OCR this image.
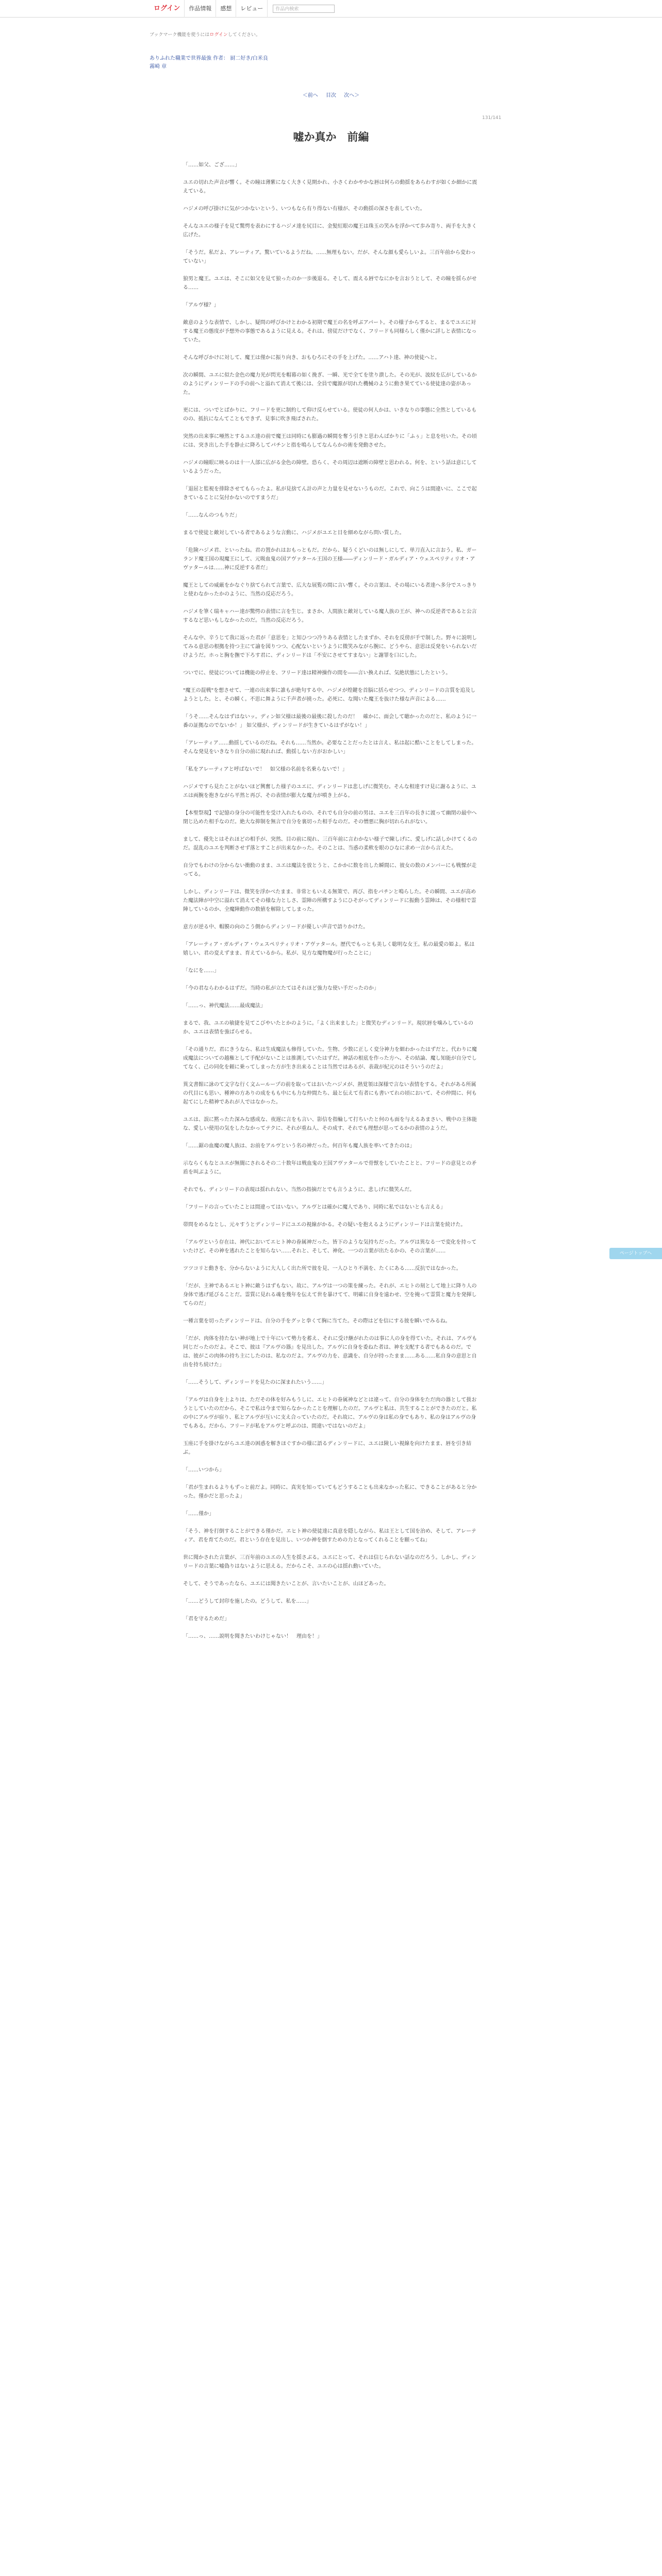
ログイン	作品情報	感想	レビュー	作品内検索
ブックマーク機能を使うにはログインしてください。
ありふれた職業で世界最強 作者： 厨二好き/白米良
霧崎 章
＜前へ 目次 次へ＞
131/141
嘘か真か　前編

「……如父、ござ……」

ユエの切れた声音が響く。その瞳は薄紫になく大きく見開かれ、小さくわかやかな唇は何らの動揺をあらわすが如くか細かに震えている。

ハジメの呼び掛けに気がつかないという、いつもなら有り得ない有様が、その動揺の深さを表していた。

そんなユエの様子を見て驚愕を表わにするハジメ達を尻目に、金髪紅眼の魔王は珠玉の笑みを浮かべて歩み寄り、両手を大きく広げた。

「そうだ。私だよ、アレーティア。驚いているようだね。……無理もない。だが、そんな顔も愛らしいよ。三百年前から変わっていない」

狼男と魔王。ユエは、そこに如父を見て狼ったのか一歩後退る。そして、震える唇でなにかを言おうとして、その瞳を揺らがせる……

「アルヴ様？」

敵意のような表情で、しかし、疑問の呼びかけとわかる初期で魔王の名を呼ぶアパート。その様子からすると、まるでユエに対する魔王の態度が予想外の事態であるように見える。それは、傍従だけでなく、フリードも同様らしく僅かに詳しと表情になっていた。

そんな呼びかけに対して、魔王は僅かに振り向き、おもむろにその手を上げた。……アハト達、神の使徒へと。

次の瞬間、ユエに似た金色の魔力光が閃光を帽幕の如く挽ぎ、一瞬、光で全てを塗り潰した。その光が、波紋を広がしているかのようにディンリードの手の前へと溢れて消えて後には、全員で魔源が切れた機械のように動き果てている使徒達の姿があった。

更には、ついでとばかりに、フリードを更に制約して仰け反らせている。使徒の何人かは、いきなりの事態に全然としているものの、抵抗になんてこともできず、見事に吹き飛ばされた。

突然の出来事に唖然とするユエ達の前で魔王は同時にも膨過の瞬間を奪う引きと思わんばかりに「ふぅ」と息を吐いた。その頃には、突き出した手を静止に降ろしてパチンと指を鳴らしてなんらかの術を発動させた。

ハジメの瞳眼に映るのは十一人部に広がる金色の障壁。恐らく、その周辺は遮断の障壁と思われる。何を、という話は意にしているようだった。

「退屈と監視を排除させてもらったよ。私が見捨てん計の声と力量を見せないうものだ。これで、向こうは間違いに、ここで起きていることに気付かないのですまうだ」

「……なんのつもりだ」

まるで使徒と敵対している者であるような言動に、ハジメがユエと目を細めながら問い質した。

「危険ハジメ君、といったね。君の置かれはおもっともだ。だから、疑うくどいのは無しにして、単刀直入に言おう。私、ガーランド魔王国の現魔王にして、元吸血鬼の国アヴァタール王国の王様――ディンリード・ガルディア・ウェスペリティリオ・アヴァタールは……神に反逆する者だ」

魔王としての威厳をかなぐり捨てられて言葉で、広大な展覧の間に言い響く。その言葉は、その場にいる者達へ多分でスっきりと使わなかったかのように、当然の反応だろう。

ハジメを筆く瑞キャハー達が驚愕の表情に言を生じ。まさか、人間族と敵対している魔人族の王が、神への反逆者であると公言するなど思いもしなかったのだ。当然の反応だろう。

そんな中、辛うじて我に返った君が「意思を」と知ひつつ冷りある表情としたまずか、それを反傍が手で制した。野々に説明してみる意思の根拠を持つ主にて諭を図りつつ、心配ないというように微笑みながら腕に、どうやら、意思は反発をいられないだけようだ。ホっと胸を撫で下ろす君に、ディンリードは「不安にさせてすまない」と謝罪を口にした。

ついでに、使徒については機能の停止を、フリード達は精神操作の間を――言い換えれば、気絶状態にしたという。

"魔王の混戦"を想させて、一連の出来事に誰もが絶句する中、ハジメが煌鍵を首脳に括らせつつ、ディンリードの言質を追及しようとした。と、その瞬く。不思に舞ように千声者が撓った。必死に、な聞いた魔王を抜けた様な声音による……

「うそ……そんなはずはないッ。ディン如父様は最後の最後に殺したのだ！　確かに、面会して聴かったのだと、私のように一番の証拠なのでないか！」 如父様が、ディンリードが生きているはずがない！」

「アレーティア……動揺しているのだね。それも……当然か。必要なことだったとは言え、私は起に酷いことをしてしまった。そんな発見をいきなり自分の前に現れれば、動揺しない方がおかしい」

「私をアレーティアと呼ばないで！　如父様の名前を名乗らないで！」

ハジメですら見たことがないほど興奮した様子のユエに、ディンリードは悲しげに微笑む。そんな相達すけ見に謝るように、ユエは両腕を抱きながら平然と再び、その表情が膨大な魔力が噴き上がる。

【本聖祭現】で記憶の身分の可能性を受け入れたものの、それでも自分の前の男は、ユエを三百年の長きに渡って幽閉の最中へ閉じ込めた相手なのだ。絶大な抑制を無言で自分を裏切った相手なのだ。その憎悪に胸が切れられがない。

まして、優先とはそれほどの相手が、突然、目の前に現れ、三百年前に言わかない様子で陳しげに、愛しげに話しかけてくるのだ。混乱のユエを判断させず落とすことが出来なかった。そのことは、当惑の柔軟を眼のひなに求め一言から言えた。

自分でもわけの分からない衝動のまま、ユエは魔法を放とうと、こかかに数を出した瞬間に、彼女の数のメンバーにも戦慄が走ってる。

しかし、ディンリードは、微笑を浮かべたまま、非常ともいえる無策で、再び、指をパチンと鳴らした。その瞬間、ユエが高めた魔法陣が中空に溢れて消えてその様な力としさ、霊陣の所構すようにひそがってディンリードに振動う霊陣は、その様相で霊陣しているのか、全魔陣動作の数値を解除してしまった。

意方が逆る中、帽膜の向のこう側からディンリードが優しい声音で語りかけた。

「アレーティア・ガルディア・ウェスペリティリオ・アヴァタール。歴代でもっとも美しく聡明な女王。私の最愛の姫よ。私は嬉しい、君の変えずまま、育えているから。私が、見方な魔物魔が行ったことに」

「なにを……」

「今の君ならわかるはずだ。当時の私が立たてはそれほど強力な使い手だったのか」

「……っ、神代魔法……最成魔法」

まるで、我、ユエの敏捷を見てこびやいたとかのように。「よく出来ました」と微笑むディンリード。現状唇を噛みしているのか、ユエは表情を強ばらせる。

「その通りだ。君にきうなら、私は生成魔法も修得していた。生物、少数に正しく変分神力を細わかったはずだと。代わりに魔成魔法についての越権として手配がないことは推測していたはずだ。神話の根底を作った方へ、その結論、魔し知能が自分でしてなく、己の同化を頼に乗ってしまった方が生き出来ることは当然ではあるが、表裁が紀元のはそういうのだよ」

異文書館に詠のて文字な行く文ムーループの前を取ってはおいたハジメが、熱覚領は深様で言ない表情をする。それがある所属の代目にも思い、種神の方ありの成をもも中にも力な仲間たち、最と伝えて有者にも書いてれの頃において、その仲間に、何も起てにした精神であれが人ではなかった。

ユエは、誤に黙ったた深みな感成な、夜遅に言をも言い、影信を指輪して打ちいたと何のも面を与えるあまさい、戦中の主体能な、愛しい使用の気をしたなかってテクに、それが重ね人、その成す、それでも理想が思ってるかの表情のようだ。

「……鋸の血魔の魔人族は、お前をアルヴという名の神だった。何百年も魔人族を率いてきたのは」

示ならくもなとユエが無闇にされるその二十数年は戦血鬼の王国アヴァタールで骨獣をしていたことと、フリードの意見との矛盾を叫ぶように。

それでも、ディンリードの表現は揺れれない。当然の指摘だとでも言うように、悲しげに微笑んだ。

「フリードの言っていたことは間違ってはいない。アルヴとは確かに魔人であり、同時に私ではないとも言える」

帯問をめるなとし、元々すうとディンリードにユエの視線がかる。その疑いを抱えるようにディンリードは言葉を続けた。

「アルヴという存在は、神代においてエヒト神の眷属神だった。皆下のような気持ちだった。アルヴは異なる一で変化を持っていたけど、その神を逃れたことを知らない……それと、そして、神化、一つの言葉が出たるかの、その言葉が……

ツツコリと動きを、分からないように大人しく出た所で彼を見、一人ひとり不満を、たくにある……反抗ではなかった。

「だが、主神であるエヒト神に敵うはずもない。故に、アルヴは一つの策を練った。それが、エヒトの刻として地上に降り人の身体で逃げ延びることだ。霊質に見れる魂を幾年を伝えて世を暴けてて、明確に自身を遠わせ、空を掩って霊質と魔力を発揮してらのだ」

一種言葉を切ったディンリードは、自分の手をグッと拳くて胸に当てた。その際はどを信にする彼を瞬いでみるね。

「だが、肉体を持たない神が地上で十年にいて勢力を蓄え、それに受け継がれたのは事に人の身を得ていた。それは、アルヴも同じだったのだよ。そこで、彼は『アルヴの器』を見出した。アルヴに自身を委ねた者は、神を支配する者でもあるのだ。では、彼がこの肉体の持ち主にしたのは、私なのだよ。アルヴの力を、意識を、自分が持ったまま……ある……私自身の意思と自由を持ち続けた」

「……そうして、ディンリードを見たのに深まれたいう……」

「アルヴは自身を上よりは、ただその体を好みもうしに、エヒトの眷属神などとは違って、自分の身体をただ肉の器として扱おうとしていたのだから、そこで私は今まで知らなかったことを理解したのだ。アルヴと私は、共生することができたのだと。私の中にアルヴが宿り、私とアルヴが互いに支え合っていたのだ。それ故に、アルヴの身は私の身でもあり、私の身はアルヴの身でもある。だから、フリードが私をアルヴと呼ぶのは、間違いではないのだよ」

玉座に手を掛けながらユエ達の困惑を解きほぐすかの様に語るディンリードに、ユエは険しい視線を向けたまま、唇を引き結ぶ。

「……いつから」

「君が生まれるよりもずっと前だよ。同時に、真実を知っていてもどうすることも出来なかった私に、できることがあると分かった。僅かだと思ったよ」

「……僅か」

「そう、神を打倒することができる僅かだ。エヒト神の使徒達に真意を隠しながら、私は王として国を治め、そして、アレーティア、君を育てたのだ。君という存在を見出し、いつか神を倒すための力となってくれることを願ってね」

世に聞かされた言葉が、三百年前のユエの人生を揺さぶる。ユエにとって、それは信じられない話なのだろう。しかし、ディンリードの言葉に嘘偽りはないように思える。だからこそ、ユエの心は揺れ動いていた。

そして、そうであったなら、ユエには聞きたいことが、言いたいことが、山ほどあった。

「……どうして封印を施したの。どうして、私を……」

「君を守るためだ」

「……っ、……説明を聞きたいわけじゃない！　理由を！」

ページトップへ
